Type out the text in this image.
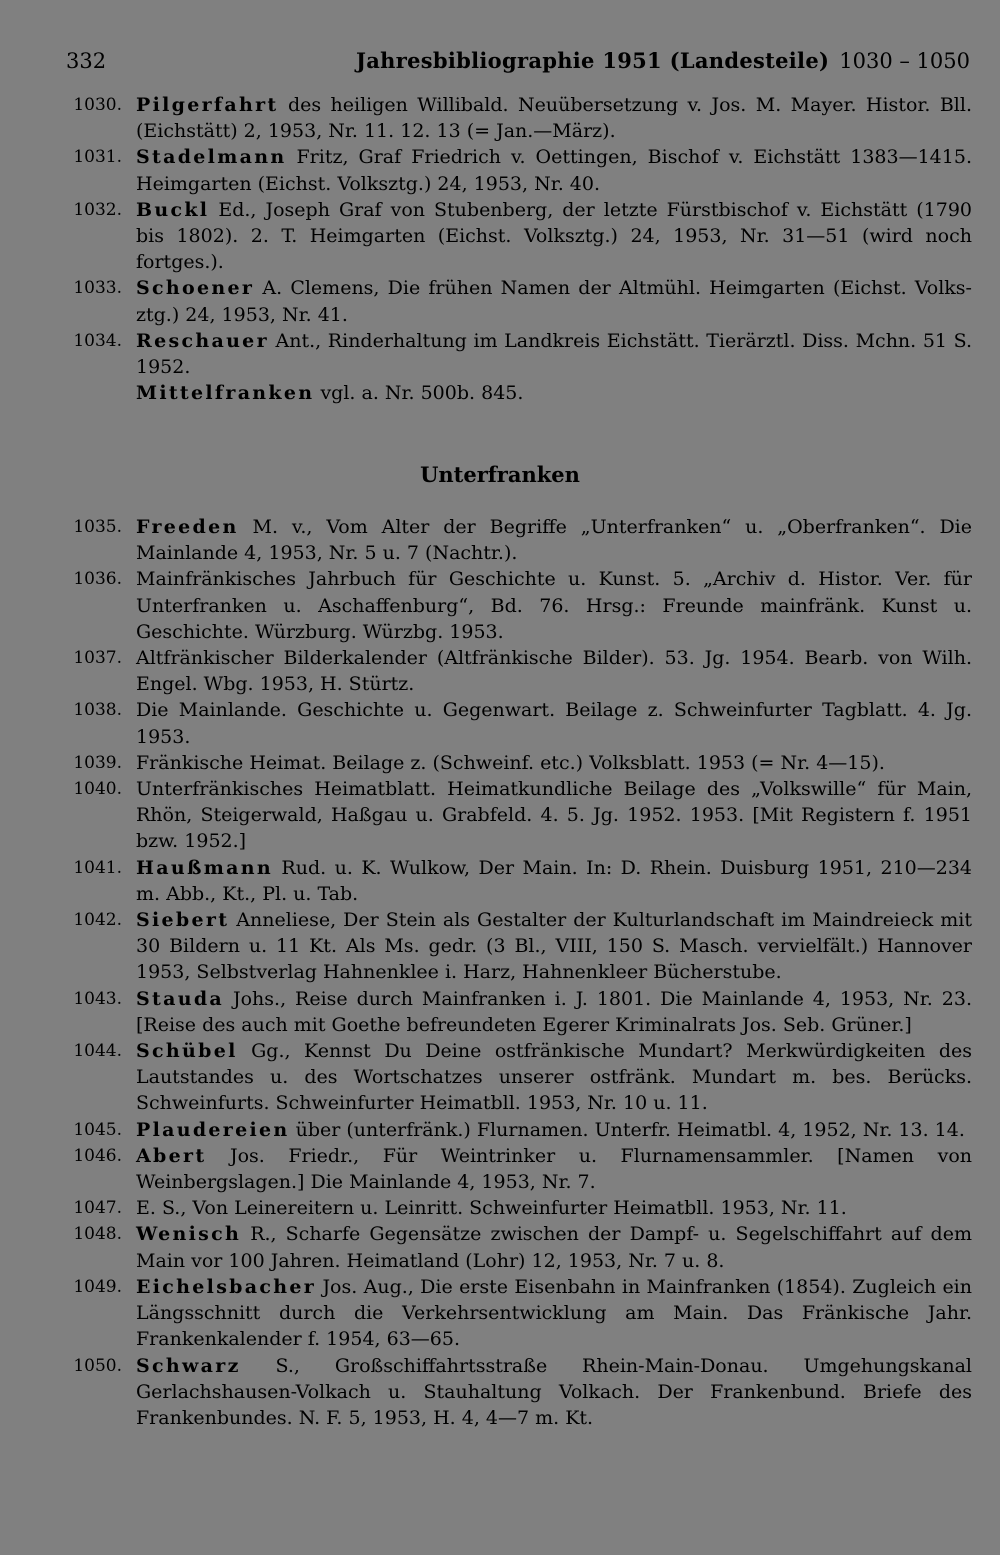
332	Jahresbibliographie 1951 (Landesteile) 1030 – 1050
1030. Pilgerfahrt des heiligen Willibald. Neuübersetzung v. Jos. M. Mayer. Histor. Bll. (Eichstätt) 2, 1953, Nr. 11. 12. 13 (= Jan.—März).
1031. Stadelmann Fritz, Graf Friedrich v. Oettingen, Bischof v. Eichstätt 1383—1415. Heimgarten (Eichst. Volksztg.) 24, 1953, Nr. 40.
1032. Buckl Ed., Joseph Graf von Stubenberg, der letzte Fürstbischof v. Eichstätt (1790 bis 1802). 2. T. Heimgarten (Eichst. Volksztg.) 24, 1953, Nr. 31—51 (wird noch fortges.).
1033. Schoener A. Clemens, Die frühen Namen der Altmühl. Heimgarten (Eichst. Volks-ztg.) 24, 1953, Nr. 41.
1034. Reschauer Ant., Rinderhaltung im Landkreis Eichstätt. Tierärztl. Diss. Mchn. 51 S. 1952.
Mittelfranken vgl. a. Nr. 500b. 845.
Unterfranken
1035. Freeden M. v., Vom Alter der Begriffe „Unterfranken“ u. „Oberfranken“. Die Mainlande 4, 1953, Nr. 5 u. 7 (Nachtr.).
1036. Mainfränkisches Jahrbuch für Geschichte u. Kunst. 5. „Archiv d. Histor. Ver. für Unterfranken u. Aschaffenburg“, Bd. 76. Hrsg.: Freunde mainfränk. Kunst u. Geschichte. Würzburg. Würzbg. 1953.
1037. Altfränkischer Bilderkalender (Altfränkische Bilder). 53. Jg. 1954. Bearb. von Wilh. Engel. Wbg. 1953, H. Stürtz.
1038. Die Mainlande. Geschichte u. Gegenwart. Beilage z. Schweinfurter Tagblatt. 4. Jg. 1953.
1039. Fränkische Heimat. Beilage z. (Schweinf. etc.) Volksblatt. 1953 (= Nr. 4—15).
1040. Unterfränkisches Heimatblatt. Heimatkundliche Beilage des „Volkswille“ für Main, Rhön, Steigerwald, Haßgau u. Grabfeld. 4. 5. Jg. 1952. 1953. [Mit Registern f. 1951 bzw. 1952.]
1041. Haußmann Rud. u. K. Wulkow, Der Main. In: D. Rhein. Duisburg 1951, 210—234 m. Abb., Kt., Pl. u. Tab.
1042. Siebert Anneliese, Der Stein als Gestalter der Kulturlandschaft im Maindreieck mit 30 Bildern u. 11 Kt. Als Ms. gedr. (3 Bl., VIII, 150 S. Masch. vervielfält.) Hannover 1953, Selbstverlag Hahnenklee i. Harz, Hahnenkleer Bücherstube.
1043. Stauda Johs., Reise durch Mainfranken i. J. 1801. Die Mainlande 4, 1953, Nr. 23. [Reise des auch mit Goethe befreundeten Egerer Kriminalrats Jos. Seb. Grüner.]
1044. Schübel Gg., Kennst Du Deine ostfränkische Mundart? Merkwürdigkeiten des Lautstandes u. des Wortschatzes unserer ostfränk. Mundart m. bes. Berücks. Schweinfurts. Schweinfurter Heimatbll. 1953, Nr. 10 u. 11.
1045. Plaudereien über (unterfränk.) Flurnamen. Unterfr. Heimatbl. 4, 1952, Nr. 13. 14.
1046. Abert Jos. Friedr., Für Weintrinker u. Flurnamensammler. [Namen von Weinbergslagen.] Die Mainlande 4, 1953, Nr. 7.
1047. E. S., Von Leinereitern u. Leinritt. Schweinfurter Heimatbll. 1953, Nr. 11.
1048. Wenisch R., Scharfe Gegensätze zwischen der Dampf- u. Segelschiffahrt auf dem Main vor 100 Jahren. Heimatland (Lohr) 12, 1953, Nr. 7 u. 8.
1049. Eichelsbacher Jos. Aug., Die erste Eisenbahn in Mainfranken (1854). Zugleich ein Längsschnitt durch die Verkehrsentwicklung am Main. Das Fränkische Jahr. Frankenkalender f. 1954, 63—65.
1050. Schwarz S., Großschiffahrtsstraße Rhein-Main-Donau. Umgehungskanal Gerlachshausen-Volkach u. Stauhaltung Volkach. Der Frankenbund. Briefe des Frankenbundes. N. F. 5, 1953, H. 4, 4—7 m. Kt.
